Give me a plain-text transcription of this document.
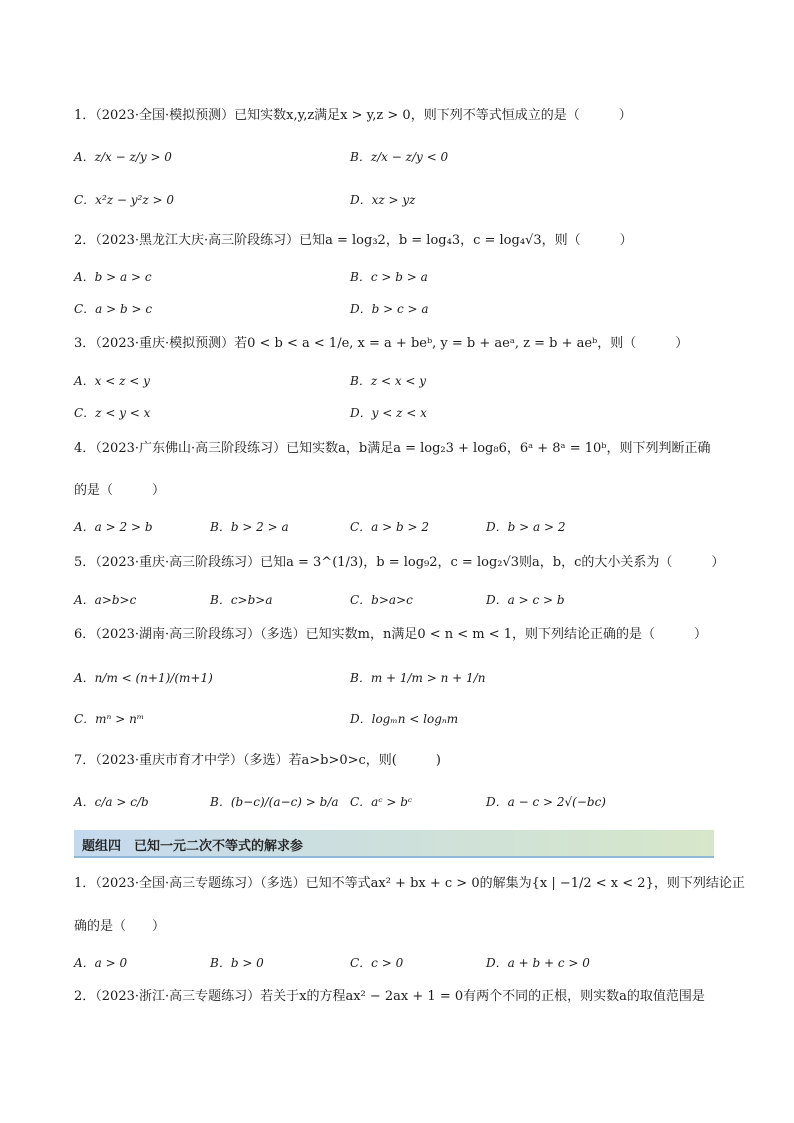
1．（2023·全国·模拟预测）已知实数x,y,z满足x > y,z > 0，则下列不等式恒成立的是（　　　）
A．z/x − z/y > 0	B．z/x − z/y < 0
C．x²z − y²z > 0	D．xz > yz
2．（2023·黑龙江大庆·高三阶段练习）已知a = log₃2，b = log₄3，c = log₄√3，则（　　　）
A．b > a > c	B．c > b > a
C．a > b > c	D．b > c > a
3．（2023·重庆·模拟预测）若0 < b < a < 1/e, x = a + beᵇ, y = b + aeᵃ, z = b + aeᵇ，则（　　　）
A．x < z < y	B．z < x < y
C．z < y < x	D．y < z < x
4．（2023·广东佛山·高三阶段练习）已知实数a，b满足a = log₂3 + log₈6，6ᵃ + 8ᵃ = 10ᵇ，则下列判断正确
的是（　　　）
A．a > 2 > b	B．b > 2 > a	C．a > b > 2	D．b > a > 2
5．（2023·重庆·高三阶段练习）已知a = 3^(1/3)，b = log₉2，c = log₂√3则a，b，c的大小关系为（　　　）
A．a>b>c	B．c>b>a	C．b>a>c	D．a > c > b
6．（2023·湖南·高三阶段练习）（多选）已知实数m，n满足0 < n < m < 1，则下列结论正确的是（　　　）
A．n/m < (n+1)/(m+1)	B．m + 1/m > n + 1/n
C．mⁿ > nᵐ	D．logₘn < logₙm
7．（2023·重庆市育才中学）（多选）若a>b>0>c，则(　　　)
A．c/a > c/b	B．(b−c)/(a−c) > b/a C．aᶜ > bᶜ	D．a − c > 2√(−bc)
题组四　已知一元二次不等式的解求参
1．（2023·全国·高三专题练习）（多选）已知不等式ax² + bx + c > 0的解集为{x | −1/2 < x < 2}，则下列结论正
确的是（　　）
A．a > 0	B．b > 0	C．c > 0	D．a + b + c > 0
2．（2023·浙江·高三专题练习）若关于x的方程ax² − 2ax + 1 = 0有两个不同的正根，则实数a的取值范围是
